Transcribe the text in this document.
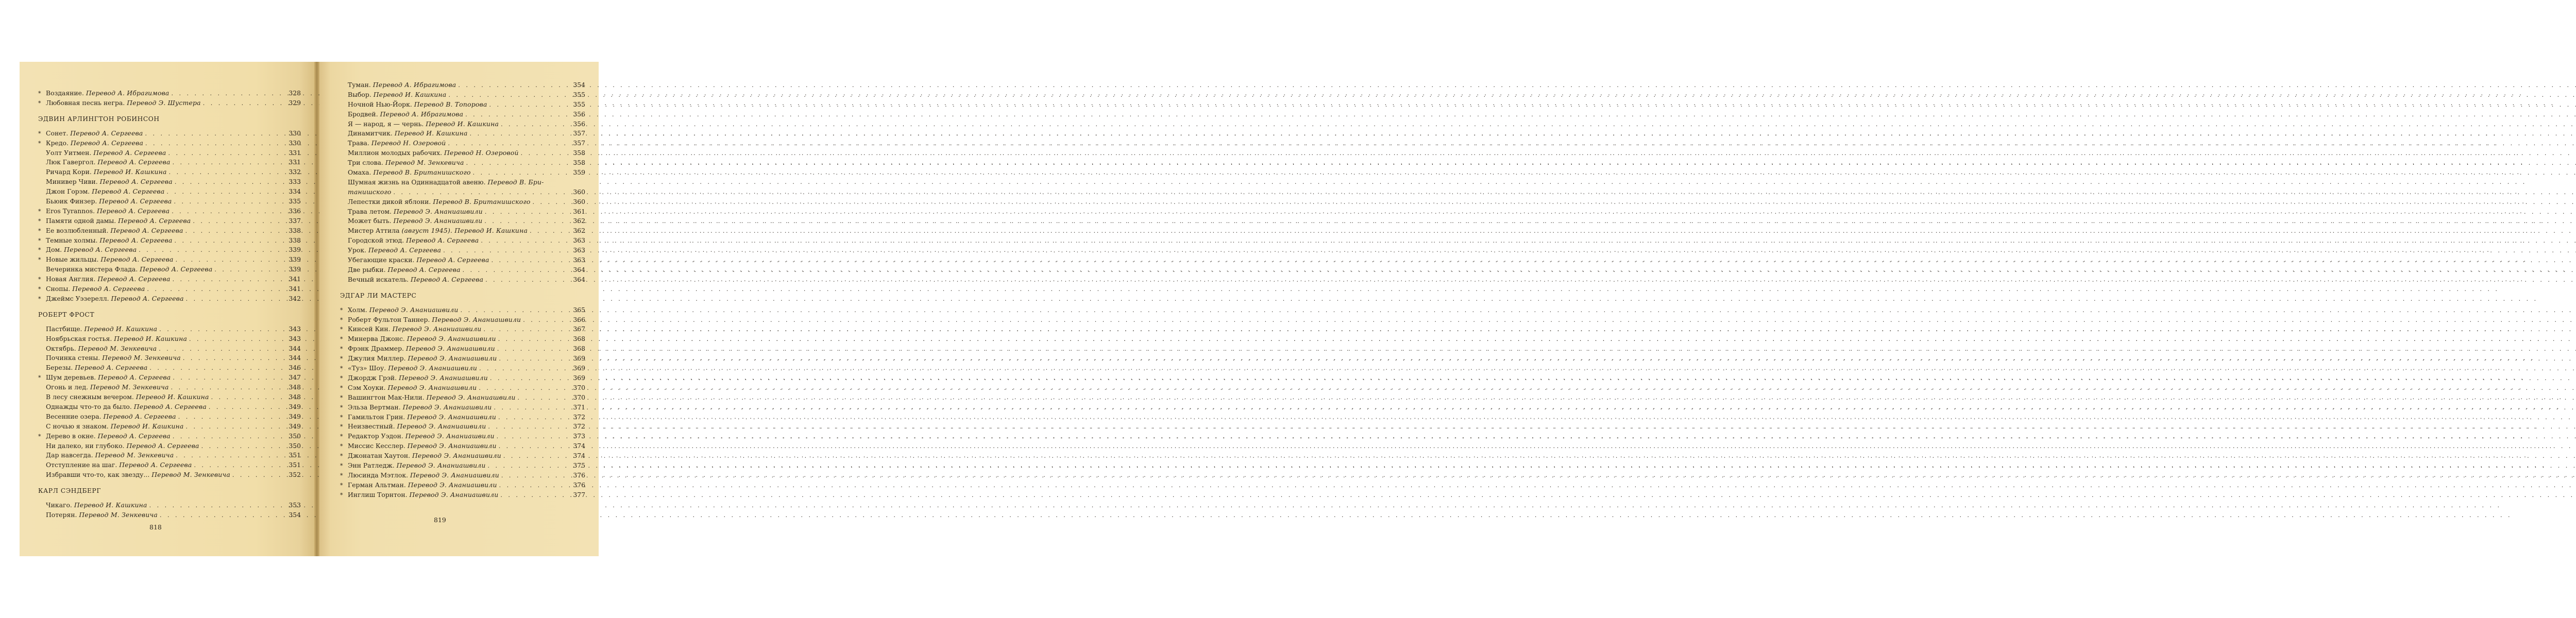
* Воздаяние. Перевод А. Ибрагимова . . .	328
* Любовная песнь негра. Перевод Э. Шустера . . .	329
ЭДВИН АРЛИНГТОН РОБИНСОН
* Сонет. Перевод А. Сергеева . . .	330
* Кредо. Перевод А. Сергеева . . .	330
Уолт Уитмен. Перевод А. Сергеева . . .	331
Люк Гавергол. Перевод А. Сергеева . . .	331
Ричард Кори. Перевод И. Кашкина . . .	332
Минивер Чиви. Перевод А. Сергеева . . .	333
Джон Горэм. Перевод А. Сергеева . . .	334
Бьюик Финзер. Перевод А. Сергеева . . .	335
* Eros Tyrannos. Перевод А. Сергеева . . .	336
* Памяти одной дамы. Перевод А. Сергеева . . .	337
* Ее возлюбленный. Перевод А. Сергеева . . .	338
* Темные холмы. Перевод А. Сергеева . . .	338
* Дом. Перевод А. Сергеева . . .	339
* Новые жильцы. Перевод А. Сергеева . . .	339
Вечеринка мистера Флада. Перевод А. Сергеева . . .	339
* Новая Англия. Перевод А. Сергеева . . .	341
* Снопы. Перевод А. Сергеева . . .	341
* Джеймс Уэзерелл. Перевод А. Сергеева . . .	342
РОБЕРТ ФРОСТ
Пастбище. Перевод И. Кашкина . . .	343
Ноябрьская гостья. Перевод И. Кашкина . . .	343
Октябрь. Перевод М. Зенкевича . . .	344
Починка стены. Перевод М. Зенкевича . . .	344
Березы. Перевод А. Сергеева . . .	346
* Шум деревьев. Перевод А. Сергеева . . .	347
Огонь и лед. Перевод М. Зенкевича . . .	348
В лесу снежным вечером. Перевод И. Кашкина . . .	348
Однажды что-то да было. Перевод А. Сергеева . . .	349
Весенние озера. Перевод А. Сергеева . . .	349
С ночью я знаком. Перевод И. Кашкина . . .	349
* Дерево в окне. Перевод А. Сергеева . . .	350
Ни далеко, ни глубоко. Перевод А. Сергеева . . .	350
Дар навсегда. Перевод М. Зенкевича . . .	351
Отступление на шаг. Перевод А. Сергеева . . .	351
Избравши что-то, как звезду... Перевод М. Зенкевича . . .	352
КАРЛ СЭНДБЕРГ
Чикаго. Перевод И. Кашкина . . .	353
Потерян. Перевод М. Зенкевича . . .	354
818
Туман. Перевод А. Ибрагимова . . .	354
Выбор. Перевод И. Кашкина . . .	355
Ночной Нью-Йорк. Перевод В. Топорова . . .	355
Бродвей. Перевод А. Ибрагимова . . .	356
Я — народ, я — чернь. Перевод И. Кашкина . . .	356
Динамитчик. Перевод И. Кашкина . . .	357
Трава. Перевод Н. Озеровой . . .	357
Миллион молодых рабочих. Перевод Н. Озеровой . . .	358
Три слова. Перевод М. Зенкевича . . .	358
Омаха. Перевод В. Британишского . . .	359
Шумная жизнь на Одиннадцатой авеню. Перевод В. Бри-
танишского . . .	360
Лепестки дикой яблони. Перевод В. Британишского . . .	360
Трава летом. Перевод Э. Ананиашвили . . .	361
Может быть. Перевод Э. Ананиашвили . . .	362
Мистер Аттила (август 1945). Перевод И. Кашкина . . .	362
Городской этюд. Перевод А. Сергеева . . .	363
Урок. Перевод А. Сергеева . . .	363
Убегающие краски. Перевод А. Сергеева . . .	363
Две рыбки. Перевод А. Сергеева . . .	364
Вечный искатель. Перевод А. Сергеева . . .	364
ЭДГАР ЛИ МАСТЕРС
* Холм. Перевод Э. Ананиашвили . . .	365
* Роберт Фультон Таннер. Перевод Э. Ананиашвили . . .	366
* Кинсей Кин. Перевод Э. Ананиашвили . . .	367
* Минерва Джонс. Перевод Э. Ананиашвили . . .	368
* Фрэнк Драммер. Перевод Э. Ананиашвили . . .	368
* Джулия Миллер. Перевод Э. Ананиашвили . . .	369
* «Туз» Шоу. Перевод Э. Ананиашвили . . .	369
* Джордж Грэй. Перевод Э. Ананиашвили . . .	369
* Сэм Хоуки. Перевод Э. Ананиашвили . . .	370
* Вашингтон Мак-Нили. Перевод Э. Ананиашвили . . .	370
* Эльза Вертман. Перевод Э. Ананиашвили . . .	371
* Гамильтон Грин. Перевод Э. Ананиашвили . . .	372
* Неизвестный. Перевод Э. Ананиашвили . . .	372
* Редактор Уэдон. Перевод Э. Ананиашвили . . .	373
* Миссис Кесслер. Перевод Э. Ананиашвили . . .	374
* Джонатан Хаутон. Перевод Э. Ананиашвили . . .	374
* Энн Ратледж. Перевод Э. Ананиашвили . . .	375
* Люсинда Мэтлок. Перевод Э. Ананиашвили . . .	376
* Герман Альтман. Перевод Э. Ананиашвили . . .	376
* Инглиш Торнтон. Перевод Э. Ананиашвили . . .	377
819
